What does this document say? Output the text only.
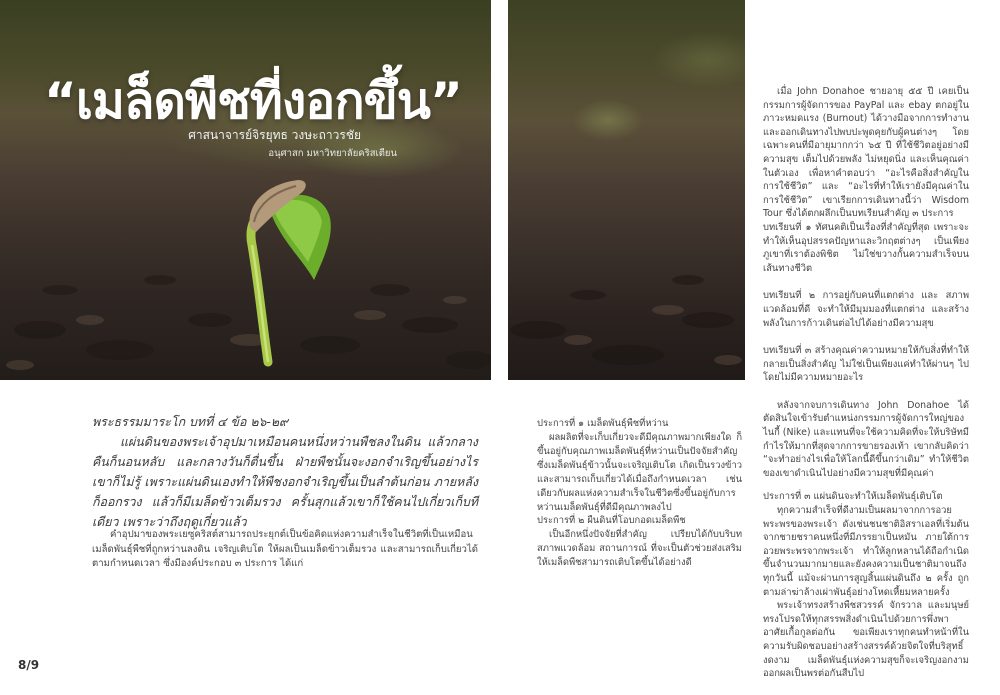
“เมล็ดพืชที่งอกขึ้น”
ศาสนาจารย์จิรยุทธ วงษะถาวรชัย
อนุศาสก มหาวิทยาลัยคริสเตียน
พระธรรมมาระโก บทที่ ๔ ข้อ ๒๖-๒๙
แผ่นดินของพระเจ้าอุปมาเหมือนคนหนึ่งหว่านพืชลงในดิน แล้วกลางคืนก็นอนหลับ และกลางวันก็ตื่นขึ้น ฝ่ายพืชนั้นจะงอกจำเริญขึ้นอย่างไรเขาก็ไม่รู้ เพราะแผ่นดินเองทำให้พืชงอกจำเริญขึ้นเป็นลำต้นก่อน ภายหลังก็ออกรวง แล้วก็มีเมล็ดข้าวเต็มรวง ครั้นสุกแล้วเขาก็ใช้คนไปเกี่ยวเก็บทีเดียว เพราะว่าถึงฤดูเกี่ยวแล้ว
คำอุปมาของพระเยซูคริสต์สามารถประยุกต์เป็นข้อคิดแห่งความสำเร็จในชีวิตที่เป็นเหมือนเมล็ดพันธุ์พืชที่ถูกหว่านลงดิน เจริญเติบโต ให้ผลเป็นเมล็ดข้าวเต็มรวง และสามารถเก็บเกี่ยวได้ตามกำหนดเวลา ซึ่งมีองค์ประกอบ ๓ ประการ ได้แก่

ประการที่ ๑ เมล็ดพันธุ์พืชที่หว่าน
ผลผลิตที่จะเก็บเกี่ยวจะดีมีคุณภาพมากเพียงใด ก็ขึ้นอยู่กับคุณภาพเมล็ดพันธุ์ที่หว่านเป็นปัจจัยสำคัญ ซึ่งเมล็ดพันธุ์ข้าวนั้นจะเจริญเติบโต เกิดเป็นรวงข้าว และสามารถเก็บเกี่ยวได้เมื่อถึงกำหนดเวลา เช่นเดียวกับผลแห่งความสำเร็จในชีวิตซึ่งขึ้นอยู่กับการหว่านเมล็ดพันธุ์ที่ดีมีคุณภาพลงไป

ประการที่ ๒ ผืนดินที่โอบกอดเมล็ดพืช
เป็นอีกหนึ่งปัจจัยที่สำคัญ เปรียบได้กับบริบท สภาพแวดล้อม สถานการณ์ ที่จะเป็นตัวช่วยส่งเสริมให้เมล็ดพืชสามารถเติบโตขึ้นได้อย่างดี

เมื่อ John Donahoe ชายอายุ ๕๕ ปี เคยเป็นกรรมการผู้จัดการของ PayPal และ ebay ตกอยู่ในภาวะหมดแรง (Burnout) ได้วางมือจากการทำงานและออกเดินทางไปพบปะพูดคุยกับผู้คนต่างๆ โดยเฉพาะคนที่มีอายุมากกว่า ๖๕ ปี ที่ใช้ชีวิตอยู่อย่างมีความสุข เต็มไปด้วยพลัง ไม่หยุดนิ่ง และเห็นคุณค่าในตัวเอง เพื่อหาคำตอบว่า “อะไรคือสิ่งสำคัญในการใช้ชีวิต” และ “อะไรที่ทำให้เรายังมีคุณค่าในการใช้ชีวิต” เขาเรียกการเดินทางนี้ว่า Wisdom Tour ซึ่งได้ตกผลึกเป็นบทเรียนสำคัญ ๓ ประการ

บทเรียนที่ ๑ ทัศนคติเป็นเรื่องที่สำคัญที่สุด เพราะจะทำให้เห็นอุปสรรคปัญหาและวิกฤตต่างๆ เป็นเพียงภูเขาที่เราต้องพิชิต ไม่ใช่ขวางกั้นความสำเร็จบนเส้นทางชีวิต

บทเรียนที่ ๒ การอยู่กับคนที่แตกต่าง และ สภาพแวดล้อมที่ดี จะทำให้มีมุมมองที่แตกต่าง และสร้างพลังในการก้าวเดินต่อไปได้อย่างมีความสุข

บทเรียนที่ ๓ สร้างคุณค่าความหมายให้กับสิ่งที่ทำให้กลายเป็นสิ่งสำคัญ ไม่ใช่เป็นเพียงแค่ทำให้ผ่านๆ ไปโดยไม่มีความหมายอะไร

หลังจากจบการเดินทาง John Donahoe ได้ตัดสินใจเข้ารับตำแหน่งกรรมการผู้จัดการใหญ่ของไนกี้ (Nike) และแทนที่จะใช้ความคิดที่จะให้บริษัทมีกำไรให้มากที่สุดจากการขายรองเท้า เขากลับคิดว่า “จะทำอย่างไรเพื่อให้โลกนี้ดีขึ้นกว่าเดิม” ทำให้ชีวิตของเขาดำเนินไปอย่างมีความสุขที่มีคุณค่า

ประการที่ ๓ แผ่นดินจะทำให้เมล็ดพันธุ์เติบโต

ทุกความสำเร็จที่ดีงามเป็นผลมาจากการอวยพระพรของพระเจ้า ดังเช่นชนชาติอิสราเอลที่เริ่มต้นจากชายชราคนหนึ่งที่มีภรรยาเป็นหมัน ภายใต้การอวยพระพรจากพระเจ้า ทำให้ลูกหลานได้ถือกำเนิดขึ้นจำนวนมากมายและยังคงความเป็นชาติมาจนถึงทุกวันนี้ แม้จะผ่านการสูญสิ้นแผ่นดินถึง ๒ ครั้ง ถูกตามล่าฆ่าล้างเผ่าพันธุ์อย่างโหดเหี้ยมหลายครั้ง

พระเจ้าทรงสร้างพืชสวรรค์ จักรวาล และมนุษย์ ทรงโปรดให้ทุกสรรพสิ่งดำเนินไปด้วยการพึ่งพาอาศัยเกื้อกูลต่อกัน ขอเพียงเราทุกคนทำหน้าที่ในความรับผิดชอบอย่างสร้างสรรค์ด้วยจิตใจที่บริสุทธิ์งดงาม เมล็ดพันธุ์แห่งความสุขก็จะเจริญงอกงามออกผลเป็นพรต่อกันสืบไป

8/9
